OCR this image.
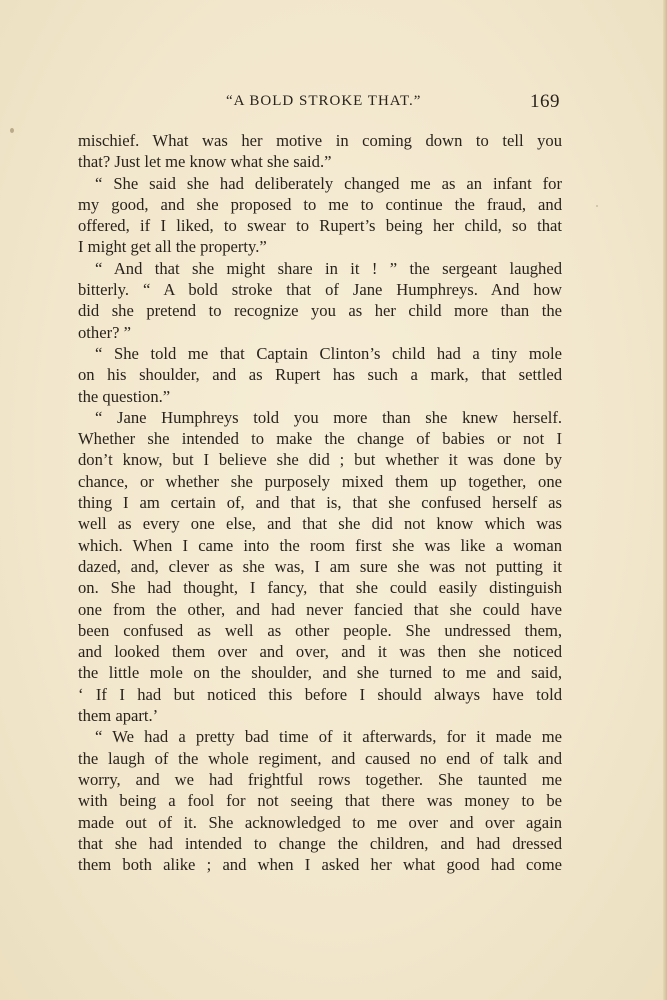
“A BOLD STROKE THAT.”	169
mischief. What was her motive in coming down to tell you
that? Just let me know what she said.”
“ She said she had deliberately changed me as an infant for
my good, and she proposed to me to continue the fraud, and
offered, if I liked, to swear to Rupert’s being her child, so that
I might get all the property.”
“ And that she might share in it ! ” the sergeant laughed
bitterly. “ A bold stroke that of Jane Humphreys. And how
did she pretend to recognize you as her child more than the
other? ”
“ She told me that Captain Clinton’s child had a tiny mole
on his shoulder, and as Rupert has such a mark, that settled
the question.”
“ Jane Humphreys told you more than she knew herself.
Whether she intended to make the change of babies or not I
don’t know, but I believe she did ; but whether it was done by
chance, or whether she purposely mixed them up together, one
thing I am certain of, and that is, that she confused herself as
well as every one else, and that she did not know which was
which. When I came into the room first she was like a woman
dazed, and, clever as she was, I am sure she was not putting it
on. She had thought, I fancy, that she could easily distinguish
one from the other, and had never fancied that she could have
been confused as well as other people. She undressed them,
and looked them over and over, and it was then she noticed
the little mole on the shoulder, and she turned to me and said,
‘ If I had but noticed this before I should always have told
them apart.’
“ We had a pretty bad time of it afterwards, for it made me
the laugh of the whole regiment, and caused no end of talk and
worry, and we had frightful rows together. She taunted me
with being a fool for not seeing that there was money to be
made out of it. She acknowledged to me over and over again
that she had intended to change the children, and had dressed
them both alike ; and when I asked her what good had come
